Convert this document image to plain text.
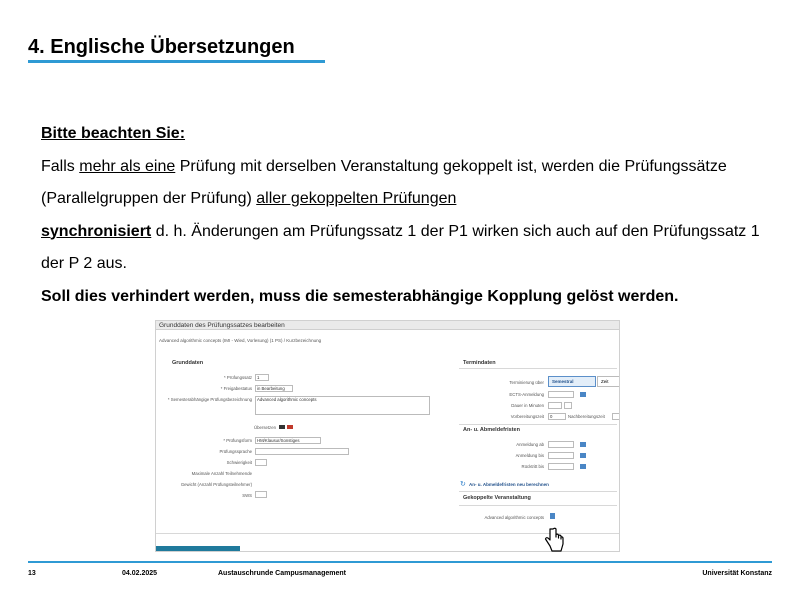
4. Englische Übersetzungen
Bitte beachten Sie:
Falls mehr als eine Prüfung mit derselben Veranstaltung gekoppelt ist, werden die Prüfungssätze (Parallelgruppen der Prüfung) aller gekoppelten Prüfungen
synchronisiert d. h. Änderungen am Prüfungssatz 1 der P1 wirken sich auch auf den Prüfungssatz 1 der P 2 aus.
Soll dies verhindert werden, muss die semesterabhängige Kopplung gelöst werden.
Grunddaten des Prüfungssatzes bearbeiten
Advanced algorithmic concepts (IMI - Wied, Vorlesung) (1 PS) / Kurzbezeichnung
Grunddaten
* Prüfungssatz	1
* Freigabestatus	in Bearbeitung
* Semesterabhängige Prüfungsbezeichnung	Advanced algorithmic concepts
Übersetzen
* Prüfungsform	HM/Klausur/Sonstiges
Prüfungssprache
Schwierigkeit
Maximale Anzahl Teilnehmende
Gewicht (Anzahl Prüfungsteilnehmer)
SWS
Termindaten
Terminierung über	Semestral	Zeit
ECTS-Anmeldung
Dauer in Minuten
Vorbereitungszeit	0	Nachbereitungszeit
An- u. Abmeldefristen
Anmeldung ab
Anmeldung bis
Rücktritt bis
↻ An- u. Abmeldefristen neu berechnen
Gekoppelte Veranstaltung
Advanced algorithmic concepts
13	04.02.2025	Austauschrunde Campusmanagement	Universität Konstanz
